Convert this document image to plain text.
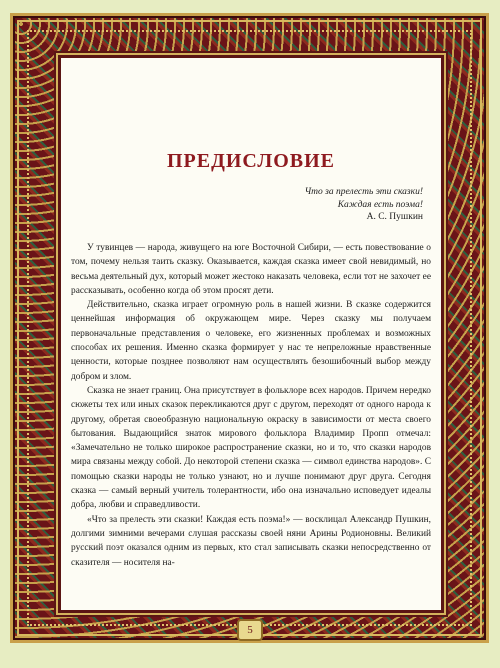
ПРЕДИСЛОВИЕ
Что за прелесть эти сказки!
Каждая есть поэма!
А. С. Пушкин

У тувинцев — народа, живущего на юге Восточной Сибири, — есть повествование о том, почему нельзя таить сказку. Оказывается, каждая сказка имеет свой невидимый, но весьма деятельный дух, который может жестоко наказать человека, если тот не захочет ее рассказывать, особенно когда об этом просят дети.

Действительно, сказка играет огромную роль в нашей жизни. В сказке содержится ценнейшая информация об окружающем мире. Через сказку мы получаем первоначальные представления о человеке, его жизненных проблемах и возможных способах их решения. Именно сказка формирует у нас те непреложные нравственные ценности, которые позднее позволяют нам осуществлять безошибочный выбор между добром и злом.

Сказка не знает границ. Она присутствует в фольклоре всех народов. Причем нередко сюжеты тех или иных сказок перекликаются друг с другом, переходят от одного народа к другому, обретая своеобразную национальную окраску в зависимости от места своего бытования. Выдающийся знаток мирового фольклора Владимир Пропп отмечал: «Замечательно не только широкое распространение сказки, но и то, что сказки народов мира связаны между собой. До некоторой степени сказка — символ единства народов». С помощью сказки народы не только узнают, но и лучше понимают друг друга. Сегодня сказка — самый верный учитель толерантности, ибо она изначально исповедует идеалы добра, любви и справедливости.

«Что за прелесть эти сказки! Каждая есть поэма!» — восклицал Александр Пушкин, долгими зимними вечерами слушая рассказы своей няни Арины Родионовны. Великий русский поэт оказался одним из первых, кто стал записывать сказки непосредственно от сказителя — носителя на-

5
